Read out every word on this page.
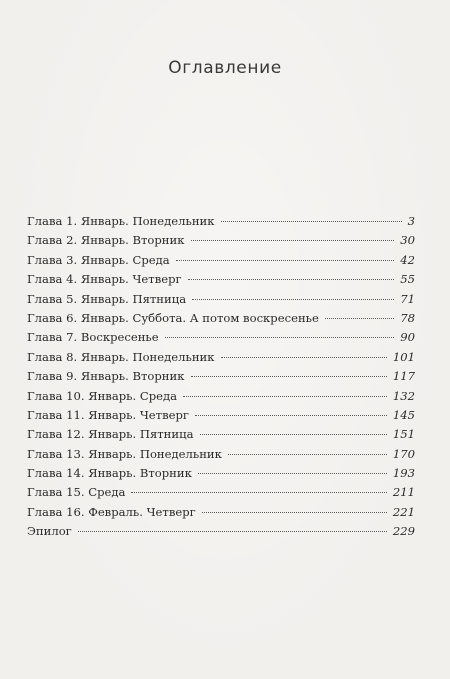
Оглавление
Глава 1. Январь. Понедельник	3
Глава 2. Январь. Вторник	30
Глава 3. Январь. Среда	42
Глава 4. Январь. Четверг	55
Глава 5. Январь. Пятница	71
Глава 6. Январь. Суббота. А потом воскресенье	78
Глава 7. Воскресенье	90
Глава 8. Январь. Понедельник	101
Глава 9. Январь. Вторник	117
Глава 10. Январь. Среда	132
Глава 11. Январь. Четверг	145
Глава 12. Январь. Пятница	151
Глава 13. Январь. Понедельник	170
Глава 14. Январь. Вторник	193
Глава 15. Среда	211
Глава 16. Февраль. Четверг	221
Эпилог	229
